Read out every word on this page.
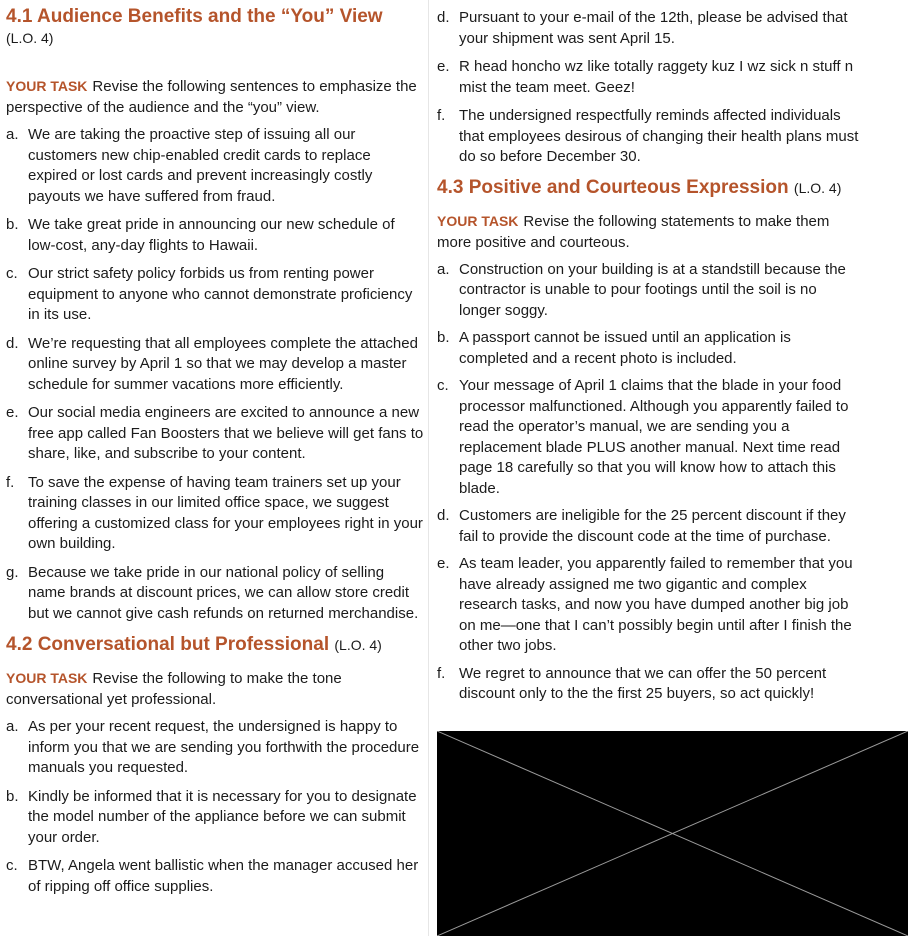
4.1 Audience Benefits and the “You” View

(L.O. 4)

YOUR TASK Revise the following sentences to emphasize the perspective of the audience and the “you” view.

a. We are taking the proactive step of issuing all our customers new chip-enabled credit cards to replace expired or lost cards and prevent increasingly costly payouts we have suffered from fraud.
b. We take great pride in announcing our new schedule of low-cost, any-day flights to Hawaii.
c. Our strict safety policy forbids us from renting power equipment to anyone who cannot demonstrate proficiency in its use.
d. We’re requesting that all employees complete the attached online survey by April 1 so that we may develop a master schedule for summer vacations more efficiently.
e. Our social media engineers are excited to announce a new free app called Fan Boosters that we believe will get fans to share, like, and subscribe to your content.
f. To save the expense of having team trainers set up your training classes in our limited office space, we suggest offering a customized class for your employees right in your own building.
g. Because we take pride in our national policy of selling name brands at discount prices, we can allow store credit but we cannot give cash refunds on returned merchandise.

4.2 Conversational but Professional (L.O. 4)

YOUR TASK Revise the following to make the tone conversational yet professional.

a. As per your recent request, the undersigned is happy to inform you that we are sending you forthwith the procedure manuals you requested.
b. Kindly be informed that it is necessary for you to designate the model number of the appliance before we can submit your order.
c. BTW, Angela went ballistic when the manager accused her of ripping off office supplies.
d. Pursuant to your e-mail of the 12th, please be advised that your shipment was sent April 15.
e. R head honcho wz like totally raggety kuz I wz sick n stuff n mist the team meet. Geez!
f. The undersigned respectfully reminds affected individuals that employees desirous of changing their health plans must do so before December 30.

4.3 Positive and Courteous Expression (L.O. 4)

YOUR TASK Revise the following statements to make them more positive and courteous.

a. Construction on your building is at a standstill because the contractor is unable to pour footings until the soil is no longer soggy.
b. A passport cannot be issued until an application is completed and a recent photo is included.
c. Your message of April 1 claims that the blade in your food processor malfunctioned. Although you apparently failed to read the operator’s manual, we are sending you a replacement blade PLUS another manual. Next time read page 18 carefully so that you will know how to attach this blade.
d. Customers are ineligible for the 25 percent discount if they fail to provide the discount code at the time of purchase.
e. As team leader, you apparently failed to remember that you have already assigned me two gigantic and complex research tasks, and now you have dumped another big job on me—one that I can’t possibly begin until after I finish the other two jobs.
f. We regret to announce that we can offer the 50 percent discount only to the the first 25 buyers, so act quickly!
